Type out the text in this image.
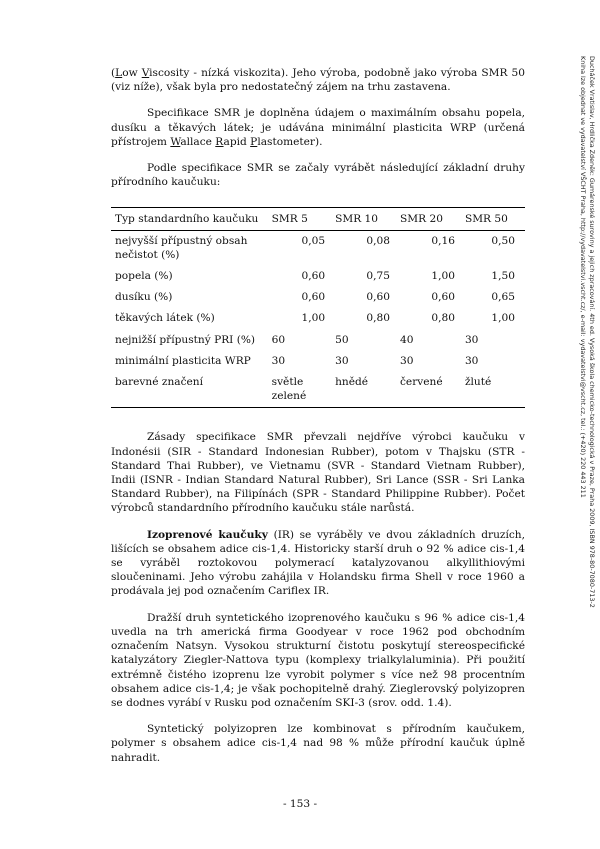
(Low Viscosity - nízká viskozita). Jeho výroba, podobně jako výroba SMR 50 (viz níže), však byla pro nedostatečný zájem na trhu zastavena.

Specifikace SMR je doplněna údajem o maximálním obsahu popela, dusíku a těkavých látek; je udávána minimální plasticita WRP (určená přístrojem Wallace Rapid Plastometer).

Podle specifikace SMR se začaly vyrábět následující základní druhy přírodního kaučuku:

Typ standardního kaučuku	SMR 5	SMR 10	SMR 20	SMR 50
nejvyšší přípustný obsah nečistot (%)	0,05	0,08	0,16	0,50
popela (%)	0,60	0,75	1,00	1,50
dusíku (%)	0,60	0,60	0,60	0,65
těkavých látek (%)	1,00	0,80	0,80	1,00
nejnižší přípustný PRI (%)	60	50	40	30
minimální plasticita WRP	30	30	30	30
barevné značení	světle zelené	hnědé	červené	žluté

Zásady specifikace SMR převzali nejdříve výrobci kaučuku v Indonésii (SIR - Standard Indonesian Rubber), potom v Thajsku (STR - Standard Thai Rubber), ve Vietnamu (SVR - Standard Vietnam Rubber), Indii (ISNR - Indian Standard Natural Rubber), Sri Lance (SSR - Sri Lanka Standard Rubber), na Filipínách (SPR - Standard Philippine Rubber). Počet výrobců standardního přírodního kaučuku stále narůstá.

Izoprenové kaučuky (IR) se vyráběly ve dvou základních druzích, lišících se obsahem adice cis-1,4. Historicky starší druh o 92 % adice cis-1,4 se vyráběl roztokovou polymerací katalyzovanou alkyllithiovými sloučeninami. Jeho výrobu zahájila v Holandsku firma Shell v roce 1960 a prodávala jej pod označením Cariflex IR.

Dražší druh syntetického izoprenového kaučuku s 96 % adice cis-1,4 uvedla na trh americká firma Goodyear v roce 1962 pod obchodním označením Natsyn. Vysokou strukturní čistotu poskytují stereospecifické katalyzátory Ziegler-Nattova typu (komplexy trialkylaluminia). Při použití extrémně čistého izoprenu lze vyrobit polymer s více než 98 procentním obsahem adice cis-1,4; je však pochopitelně drahý. Zieglerovský polyizopren se dodnes vyrábí v Rusku pod označením SKI-3 (srov. odd. 1.4).

Syntetický polyizopren lze kombinovat s přírodním kaučukem, polymer s obsahem adice cis-1,4 nad 98 % může přírodní kaučuk úplně nahradit.

Ducháček Vratislav, Hrdlička Zdeněk: Gumárenské suroviny a jejich zpracování. 4th ed. Vysoká škola chemicko-technologická v Praze, Praha 2009, ISBN 978-80-7080-713-2
Kniha lze objednat ve vydavatelství VŠCHT Praha, http://vydavatelstvi.vscht.cz/, e-mail: vydavatelstvi@vscht.cz, tel.: (+420) 220 443 211
- 153 -
